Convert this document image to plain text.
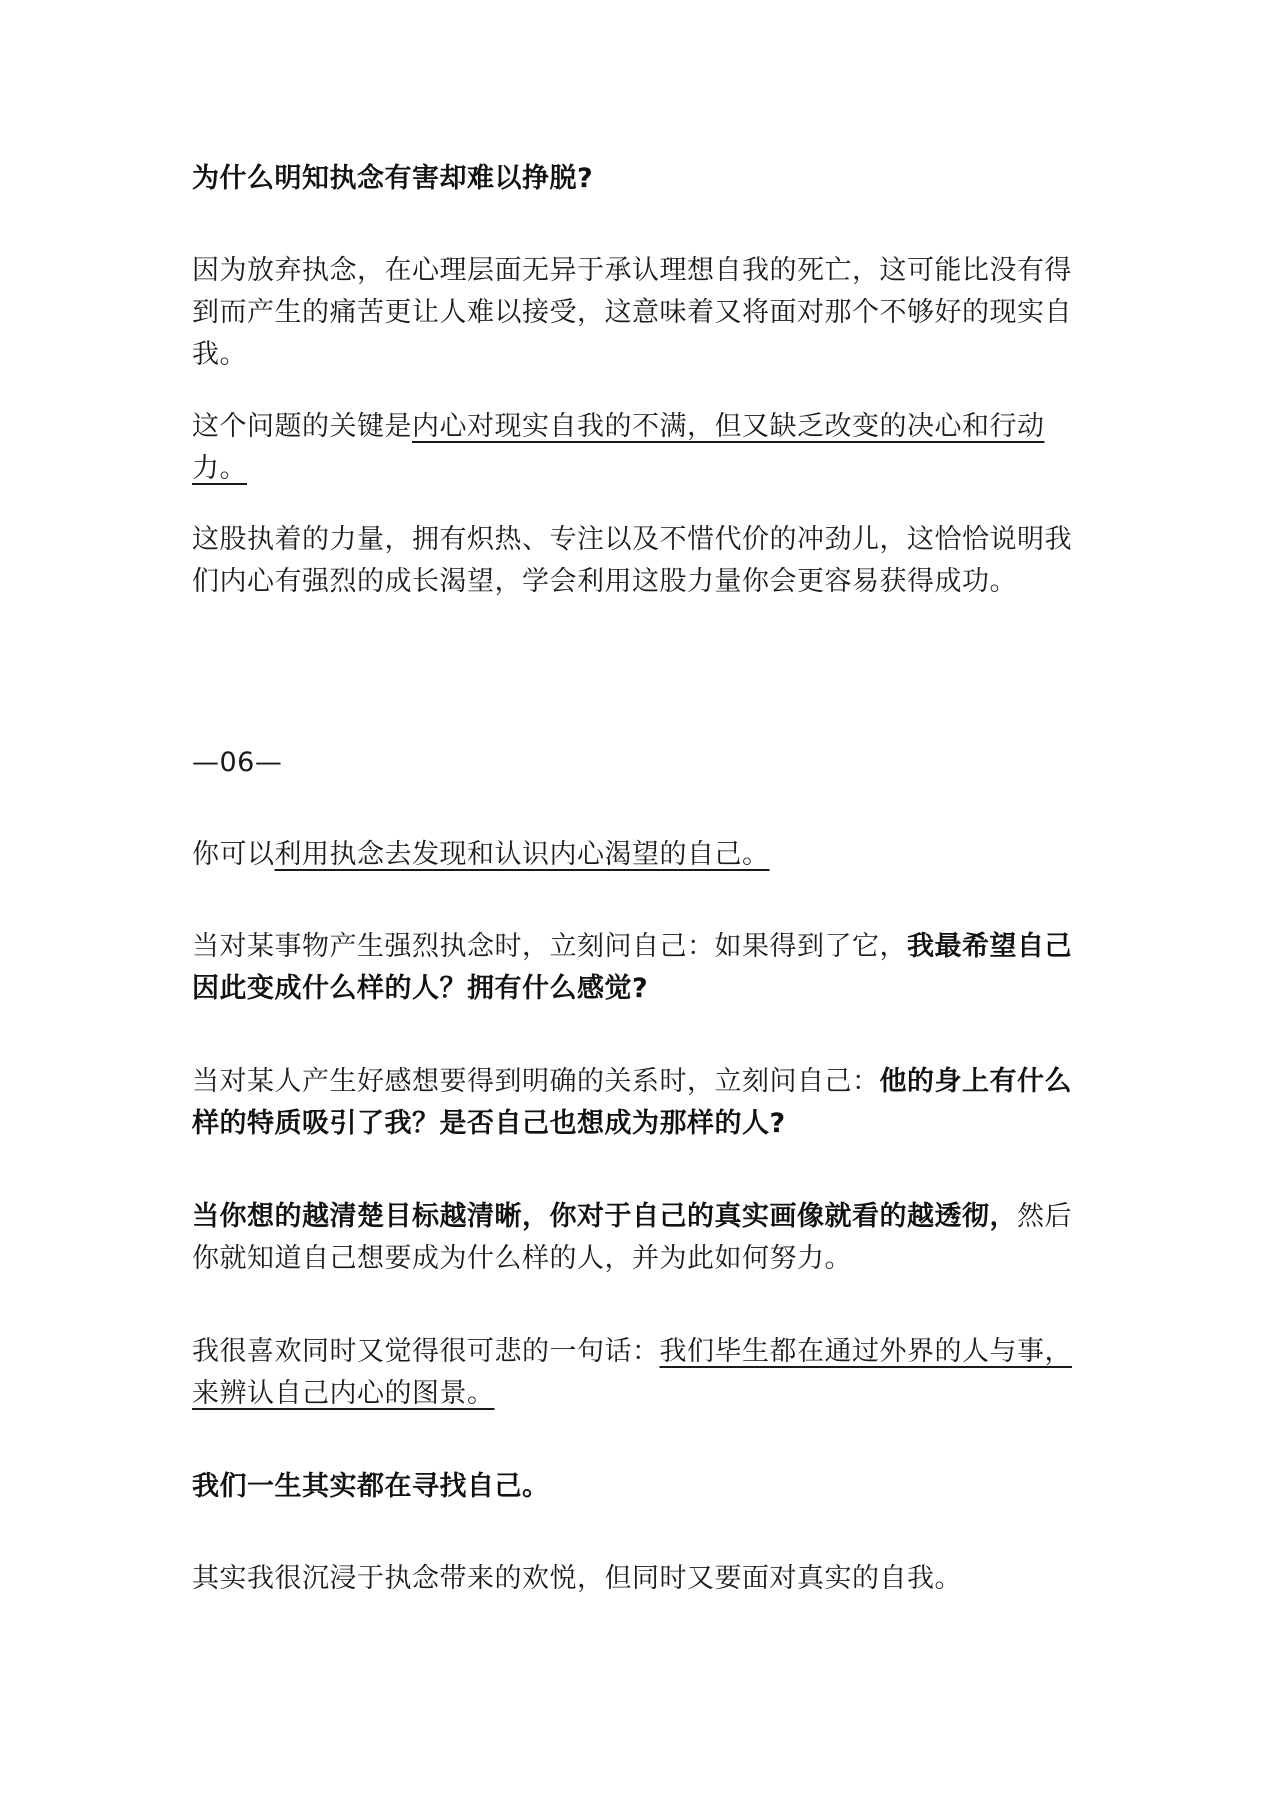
为什么明知执念有害却难以挣脱?

因为放弃执念，在心理层面无异于承认理想自我的死亡，这可能比没有得到而产生的痛苦更让人难以接受，这意味着又将面对那个不够好的现实自我。

这个问题的关键是内心对现实自我的不满，但又缺乏改变的决心和行动力。

这股执着的力量，拥有炽热、专注以及不惜代价的冲劲儿，这恰恰说明我们内心有强烈的成长渴望，学会利用这股力量你会更容易获得成功。

—06—

你可以利用执念去发现和认识内心渴望的自己。

当对某事物产生强烈执念时，立刻问自己：如果得到了它，我最希望自己因此变成什么样的人？拥有什么感觉?

当对某人产生好感想要得到明确的关系时，立刻问自己：他的身上有什么样的特质吸引了我？是否自己也想成为那样的人?

当你想的越清楚目标越清晰，你对于自己的真实画像就看的越透彻，然后你就知道自己想要成为什么样的人，并为此如何努力。

我很喜欢同时又觉得很可悲的一句话：我们毕生都在通过外界的人与事，来辨认自己内心的图景。

我们一生其实都在寻找自己。

其实我很沉浸于执念带来的欢悦，但同时又要面对真实的自我。
